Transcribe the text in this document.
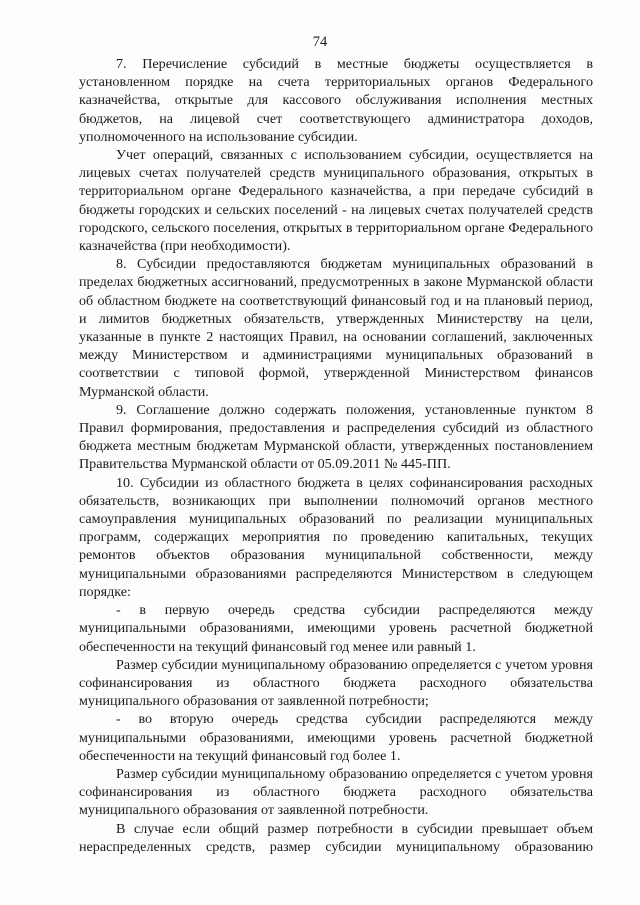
74

7. Перечисление субсидий в местные бюджеты осуществляется в установленном порядке на счета территориальных органов Федерального казначейства, открытые для кассового обслуживания исполнения местных бюджетов, на лицевой счет соответствующего администратора доходов, уполномоченного на использование субсидии.

Учет операций, связанных с использованием субсидии, осуществляется на лицевых счетах получателей средств муниципального образования, открытых в территориальном органе Федерального казначейства, а при передаче субсидий в бюджеты городских и сельских поселений - на лицевых счетах получателей средств городского, сельского поселения, открытых в территориальном органе Федерального казначейства (при необходимости).

8. Субсидии предоставляются бюджетам муниципальных образований в пределах бюджетных ассигнований, предусмотренных в законе Мурманской области об областном бюджете на соответствующий финансовый год и на плановый период, и лимитов бюджетных обязательств, утвержденных Министерству на цели, указанные в пункте 2 настоящих Правил, на основании соглашений, заключенных между Министерством и администрациями муниципальных образований в соответствии с типовой формой, утвержденной Министерством финансов Мурманской области.

9. Соглашение должно содержать положения, установленные пунктом 8 Правил формирования, предоставления и распределения субсидий из областного бюджета местным бюджетам Мурманской области, утвержденных постановлением Правительства Мурманской области от 05.09.2011 № 445-ПП.

10. Субсидии из областного бюджета в целях софинансирования расходных обязательств, возникающих при выполнении полномочий органов местного самоуправления муниципальных образований по реализации муниципальных программ, содержащих мероприятия по проведению капитальных, текущих ремонтов объектов образования муниципальной собственности, между муниципальными образованиями распределяются Министерством в следующем порядке:

- в первую очередь средства субсидии распределяются между муниципальными образованиями, имеющими уровень расчетной бюджетной обеспеченности на текущий финансовый год менее или равный 1.

Размер субсидии муниципальному образованию определяется с учетом уровня софинансирования из областного бюджета расходного обязательства муниципального образования от заявленной потребности;

- во вторую очередь средства субсидии распределяются между муниципальными образованиями, имеющими уровень расчетной бюджетной обеспеченности на текущий финансовый год более 1.

Размер субсидии муниципальному образованию определяется с учетом уровня софинансирования из областного бюджета расходного обязательства муниципального образования от заявленной потребности.

В случае если общий размер потребности в субсидии превышает объем нераспределенных средств, размер субсидии муниципальному образованию
